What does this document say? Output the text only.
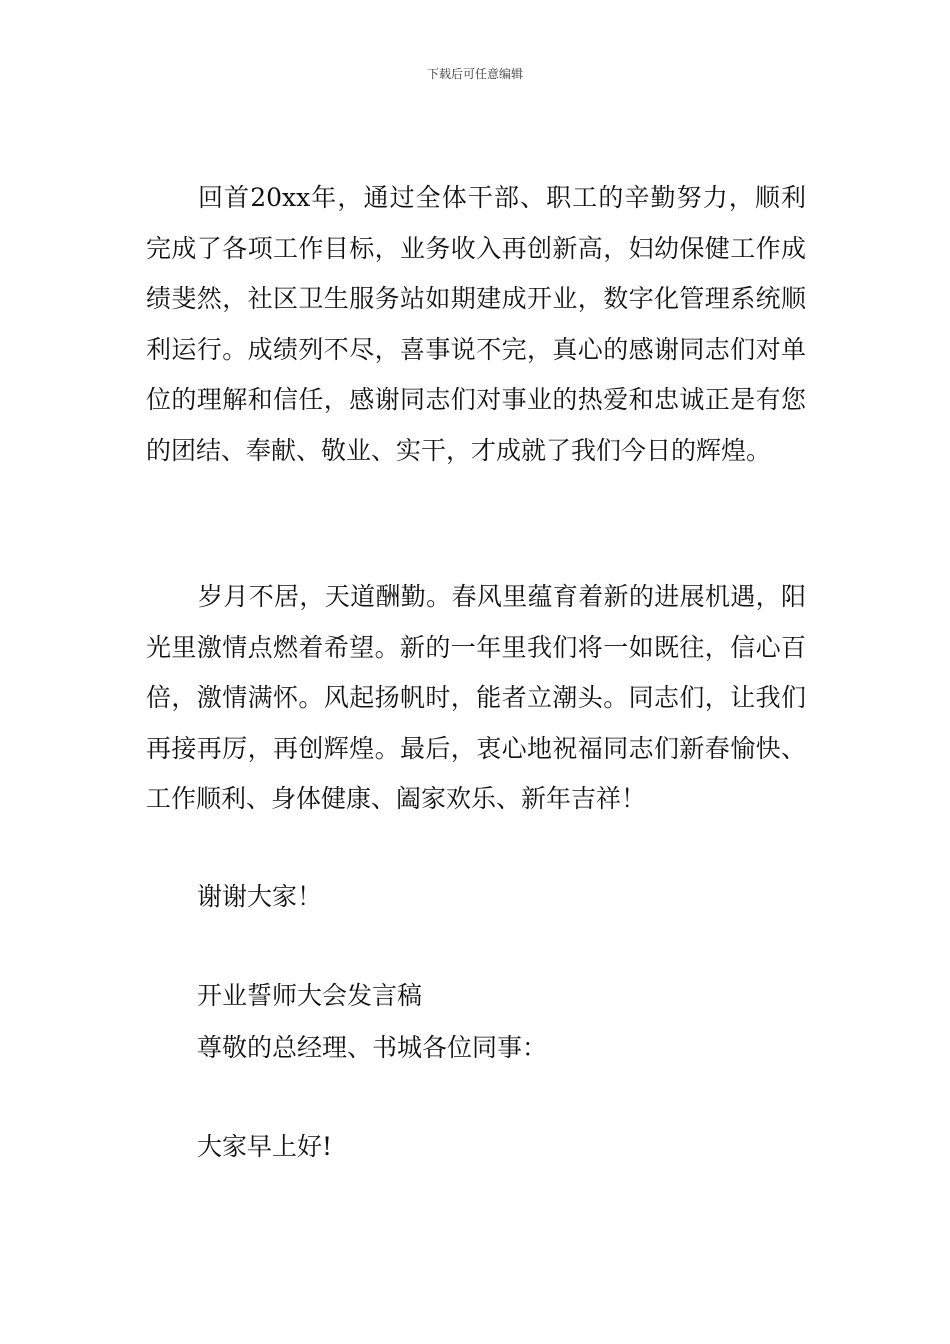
下载后可任意编辑

回首20xx年，通过全体干部、职工的辛勤努力，顺利完成了各项工作目标，业务收入再创新高，妇幼保健工作成绩斐然，社区卫生服务站如期建成开业，数字化管理系统顺利运行。成绩列不尽，喜事说不完，真心的感谢同志们对单位的理解和信任，感谢同志们对事业的热爱和忠诚正是有您的团结、奉献、敬业、实干，才成就了我们今日的辉煌。

岁月不居，天道酬勤。春风里蕴育着新的进展机遇，阳光里激情点燃着希望。新的一年里我们将一如既往，信心百倍，激情满怀。风起扬帆时，能者立潮头。同志们，让我们再接再厉，再创辉煌。最后，衷心地祝福同志们新春愉快、工作顺利、身体健康、阖家欢乐、新年吉祥！

谢谢大家！

开业誓师大会发言稿

尊敬的总经理、书城各位同事：

大家早上好!
